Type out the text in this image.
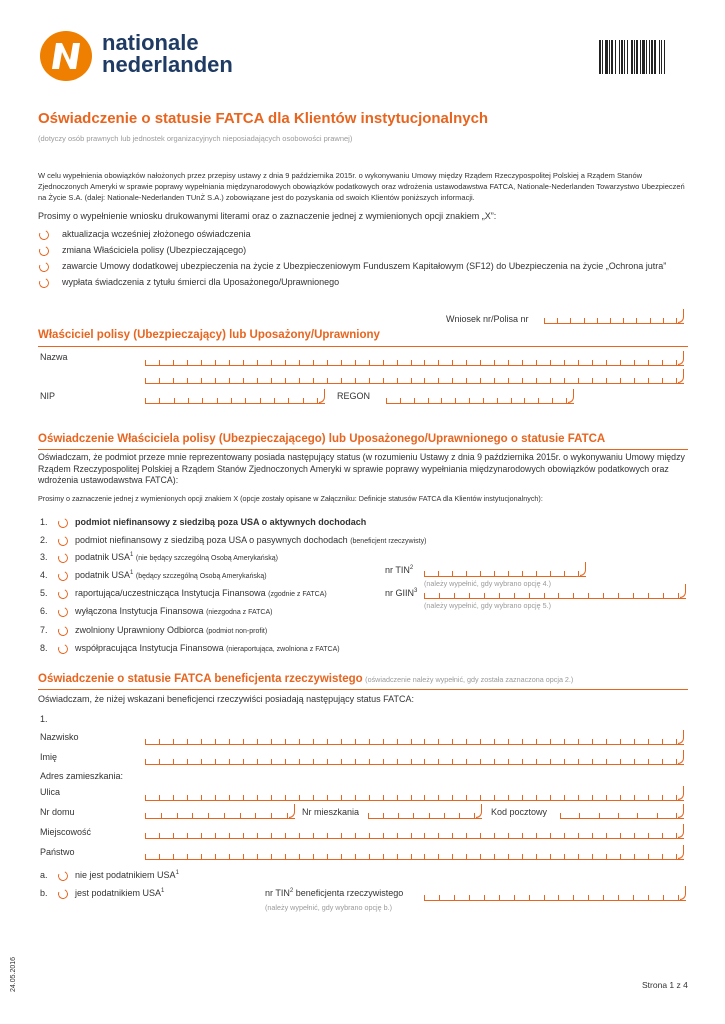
nationale
nederlanden
Oświadczenie o statusie FATCA dla Klientów instytucjonalnych
(dotyczy osób prawnych lub jednostek organizacyjnych nieposiadających osobowości prawnej)
W celu wypełnienia obowiązków nałożonych przez przepisy ustawy z dnia 9 października 2015r. o wykonywaniu Umowy między Rządem Rzeczypospolitej Polskiej a Rządem Stanów Zjednoczonych Ameryki w sprawie poprawy wypełniania międzynarodowych obowiązków podatkowych oraz wdrożenia ustawodawstwa FATCA, Nationale-Nederlanden Towarzystwo Ubezpieczeń na Życie S.A. (dalej: Nationale-Nederlanden TUnŻ S.A.) zobowiązane jest do pozyskania od swoich Klientów poniższych informacji.
Prosimy o wypełnienie wniosku drukowanymi literami oraz o zaznaczenie jednej z wymienionych opcji znakiem „X”:
aktualizacja wcześniej złożonego oświadczenia
zmiana Właściciela polisy (Ubezpieczającego)
zawarcie Umowy dodatkowej ubezpieczenia na życie z Ubezpieczeniowym Funduszem Kapitałowym (SF12) do Ubezpieczenia na życie „Ochrona jutra”
wypłata świadczenia z tytułu śmierci dla Uposażonego/Uprawnionego
Wniosek nr/Polisa nr
Właściciel polisy (Ubezpieczający) lub Uposażony/Uprawniony
Nazwa
NIP	REGON
Oświadczenie Właściciela polisy (Ubezpieczającego) lub Uposażonego/Uprawnionego o statusie FATCA
Oświadczam, że podmiot przeze mnie reprezentowany posiada następujący status (w rozumieniu Ustawy z dnia 9 października 2015r. o wykonywaniu Umowy między Rządem Rzeczypospolitej Polskiej a Rządem Stanów Zjednoczonych Ameryki w sprawie poprawy wypełniania międzynarodowych obowiązków podatkowych oraz wdrożenia ustawodawstwa FATCA):
Prosimy o zaznaczenie jednej z wymienionych opcji znakiem X (opcje zostały opisane w Załączniku: Definicje statusów FATCA dla Klientów instytucjonalnych):
1.	podmiot niefinansowy z siedzibą poza USA o aktywnych dochodach
2.	podmiot niefinansowy z siedzibą poza USA o pasywnych dochodach (beneficjent rzeczywisty)
3.	podatnik USA$^1$ (nie będący szczególną Osobą Amerykańską)
4.	podatnik USA$^1$ (będący szczególną Osobą Amerykańską)
5.	raportująca/uczestnicząca Instytucja Finansowa (zgodnie z FATCA)
6.	wyłączona Instytucja Finansowa (niezgodna z FATCA)
7.	zwolniony Uprawniony Odbiorca (podmiot non-profit)
8.	współpracująca Instytucja Finansowa (nieraportująca, zwolniona z FATCA)
nr TIN$^2$
(należy wypełnić, gdy wybrano opcję 4.)
nr GIIN$^3$
(należy wypełnić, gdy wybrano opcję 5.)
Oświadczenie o statusie FATCA beneficjenta rzeczywistego (oświadczenie należy wypełnić, gdy została zaznaczona opcja 2.)
Oświadczam, że niżej wskazani beneficjenci rzeczywiści posiadają następujący status FATCA:
1.
Nazwisko
Imię
Adres zamieszkania:
Ulica
Nr domu	Nr mieszkania	Kod pocztowy
Miejscowość
Państwo
a.	nie jest podatnikiem USA$^1$
b.	jest podatnikiem USA$^1$	nr TIN$^2$ beneficjenta rzeczywistego
(należy wypełnić, gdy wybrano opcję b.)
24.05.2016	Strona 1 z 4
